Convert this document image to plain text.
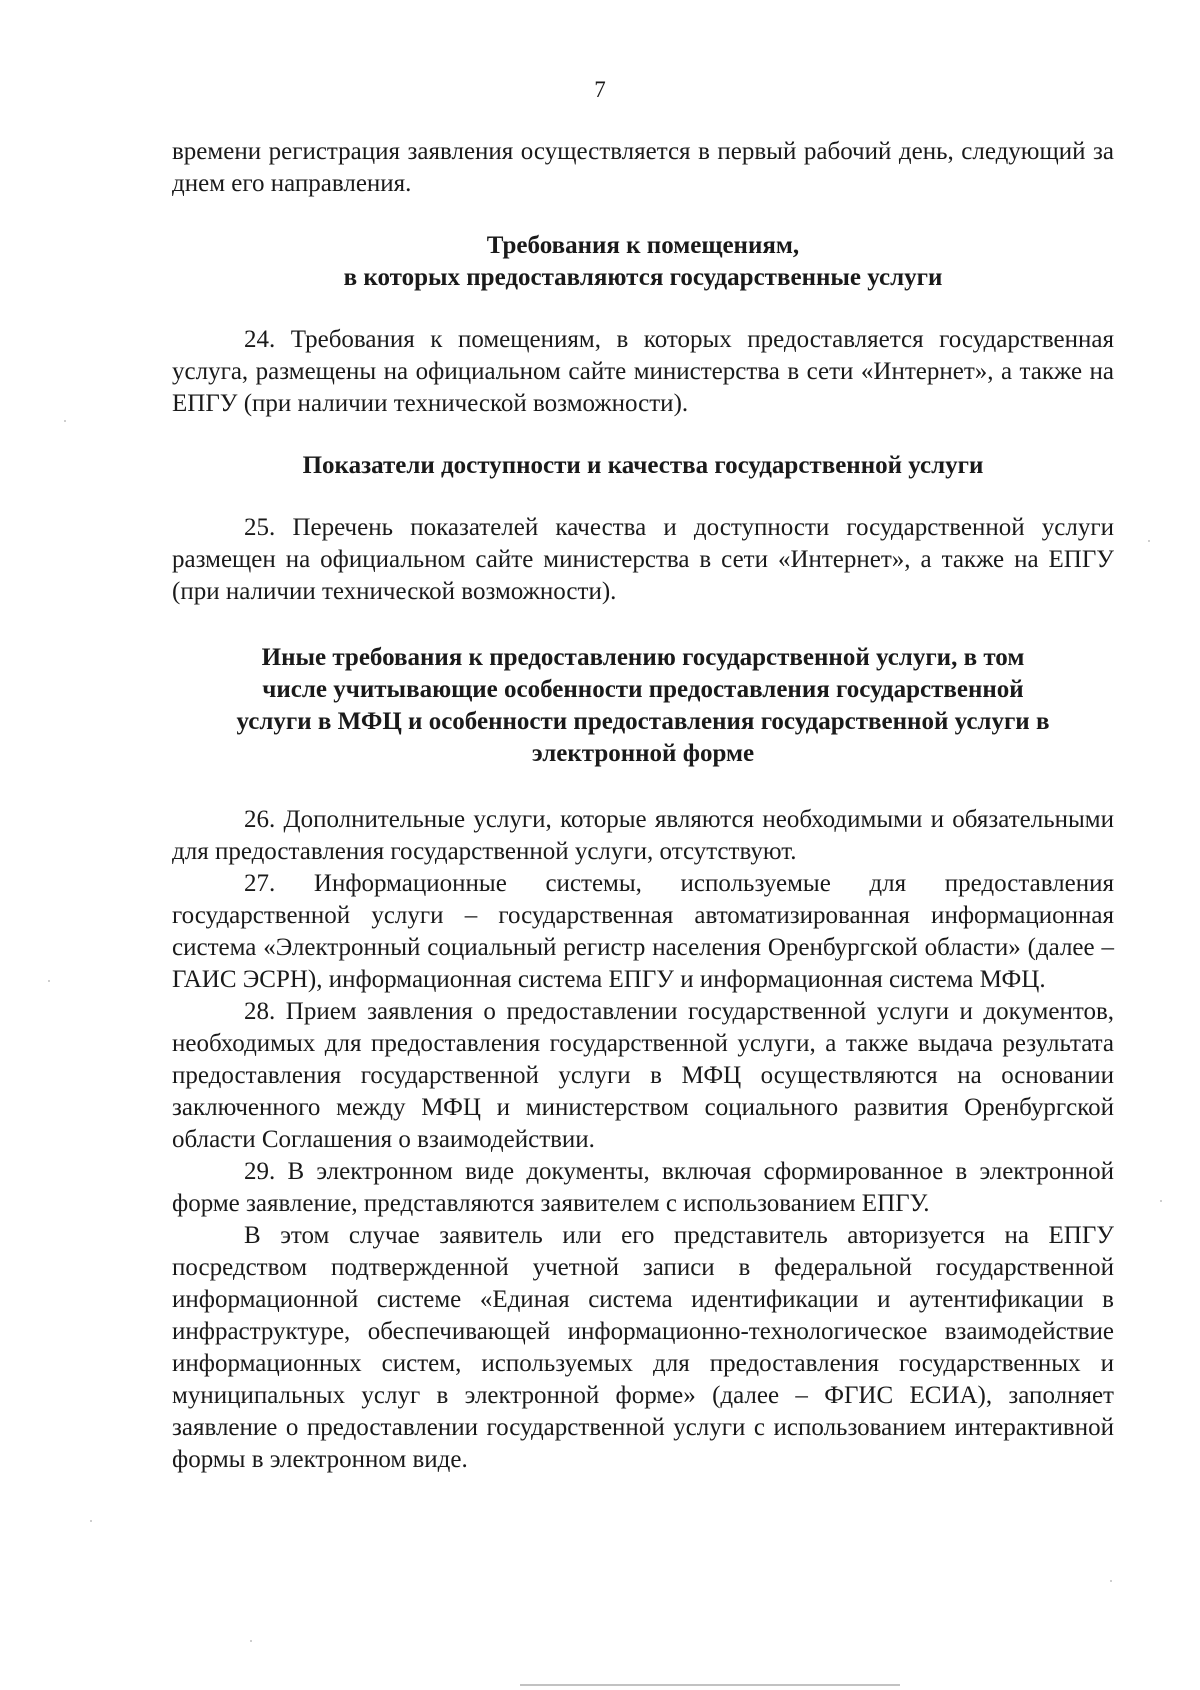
7

времени регистрация заявления осуществляется в первый рабочий день, следующий за днем его направления.

Требования к помещениям,
в которых предоставляются государственные услуги

24. Требования к помещениям, в которых предоставляется государственная услуга, размещены на официальном сайте министерства в сети «Интернет», а также на ЕПГУ (при наличии технической возможности).

Показатели доступности и качества государственной услуги

25. Перечень показателей качества и доступности государственной услуги размещен на официальном сайте министерства в сети «Интернет», а также на ЕПГУ (при наличии технической возможности).

Иные требования к предоставлению государственной услуги, в том
числе учитывающие особенности предоставления государственной
услуги в МФЦ и особенности предоставления государственной услуги в
электронной форме

26. Дополнительные услуги, которые являются необходимыми и обязательными для предоставления государственной услуги, отсутствуют.

27. Информационные системы, используемые для предоставления государственной услуги – государственная автоматизированная информационная система «Электронный социальный регистр населения Оренбургской области» (далее – ГАИС ЭСРН), информационная система ЕПГУ и информационная система МФЦ.

28. Прием заявления о предоставлении государственной услуги и документов, необходимых для предоставления государственной услуги, а также выдача результата предоставления государственной услуги в МФЦ осуществляются на основании заключенного между МФЦ и министерством социального развития Оренбургской области Соглашения о взаимодействии.

29. В электронном виде документы, включая сформированное в электронной форме заявление, представляются заявителем с использованием ЕПГУ.

В этом случае заявитель или его представитель авторизуется на ЕПГУ посредством подтвержденной учетной записи в федеральной государственной информационной системе «Единая система идентификации и аутентификации в инфраструктуре, обеспечивающей информационно-технологическое взаимодействие информационных систем, используемых для предоставления государственных и муниципальных услуг в электронной форме» (далее – ФГИС ЕСИА), заполняет заявление о предоставлении государственной услуги с использованием интерактивной формы в электронном виде.
